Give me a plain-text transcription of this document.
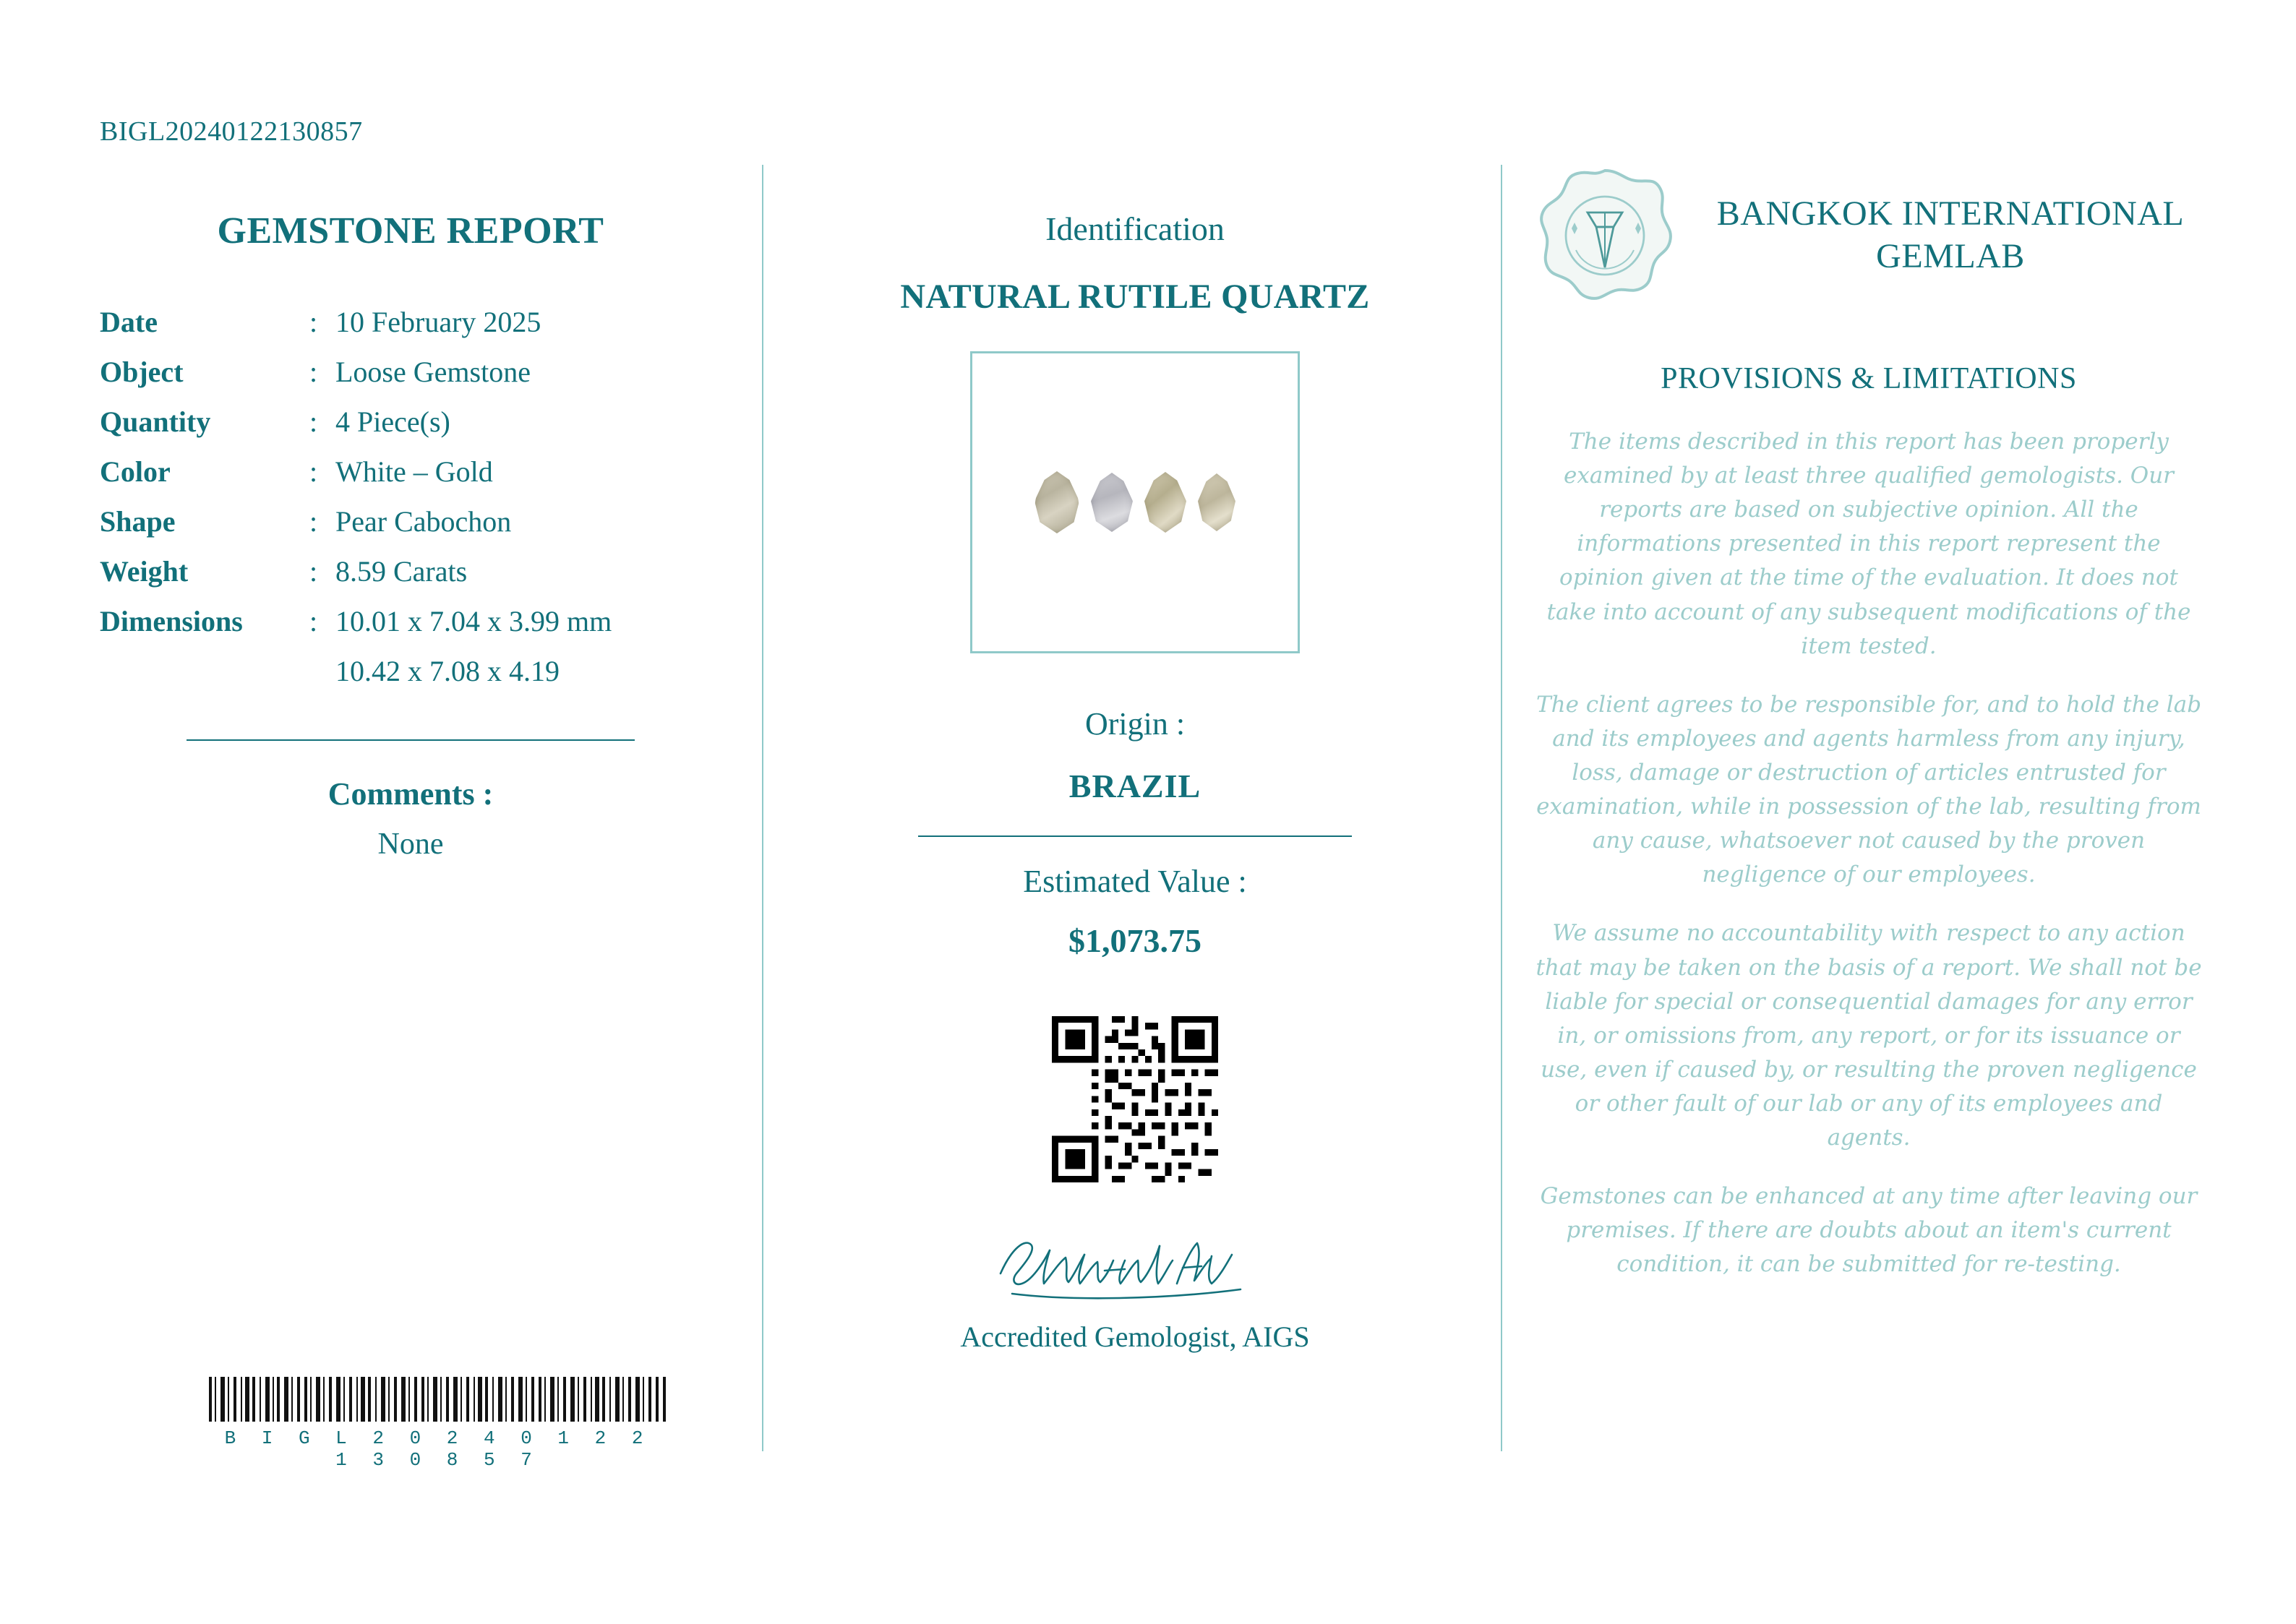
BIGL20240122130857
GEMSTONE REPORT
Date	:	10 February 2025
Object	:	Loose Gemstone
Quantity	:	4 Piece(s)
Color	:	White – Gold
Shape	:	Pear Cabochon
Weight	:	8.59 Carats
Dimensions	:	10.01 x 7.04 x 3.99 mm
		10.42 x 7.08 x 4.19
Comments :
None
B I G L 2 0 2 4 0 1 2 2 1 3 0 8 5 7
Identification
NATURAL RUTILE QUARTZ
Origin :
BRAZIL
Estimated Value :
$1,073.75
Accredited Gemologist, AIGS
BANGKOK INTERNATIONAL GEMLAB
PROVISIONS & LIMITATIONS

The items described in this report has been properly examined by at least three qualified gemologists. Our reports are based on subjective opinion. All the informations presented in this report represent the opinion given at the time of the evaluation. It does not take into account of any subsequent modifications of the item tested.

The client agrees to be responsible for, and to hold the lab and its employees and agents harmless from any injury, loss, damage or destruction of articles entrusted for examination, while in possession of the lab, resulting from any cause, whatsoever not caused by the proven negligence of our employees.

We assume no accountability with respect to any action that may be taken on the basis of a report. We shall not be liable for special or consequential damages for any error in, or omissions from, any report, or for its issuance or use, even if caused by, or resulting the proven negligence or other fault of our lab or any of its employees and agents.

Gemstones can be enhanced at any time after leaving our premises. If there are doubts about an item's current condition, it can be submitted for re-testing.
